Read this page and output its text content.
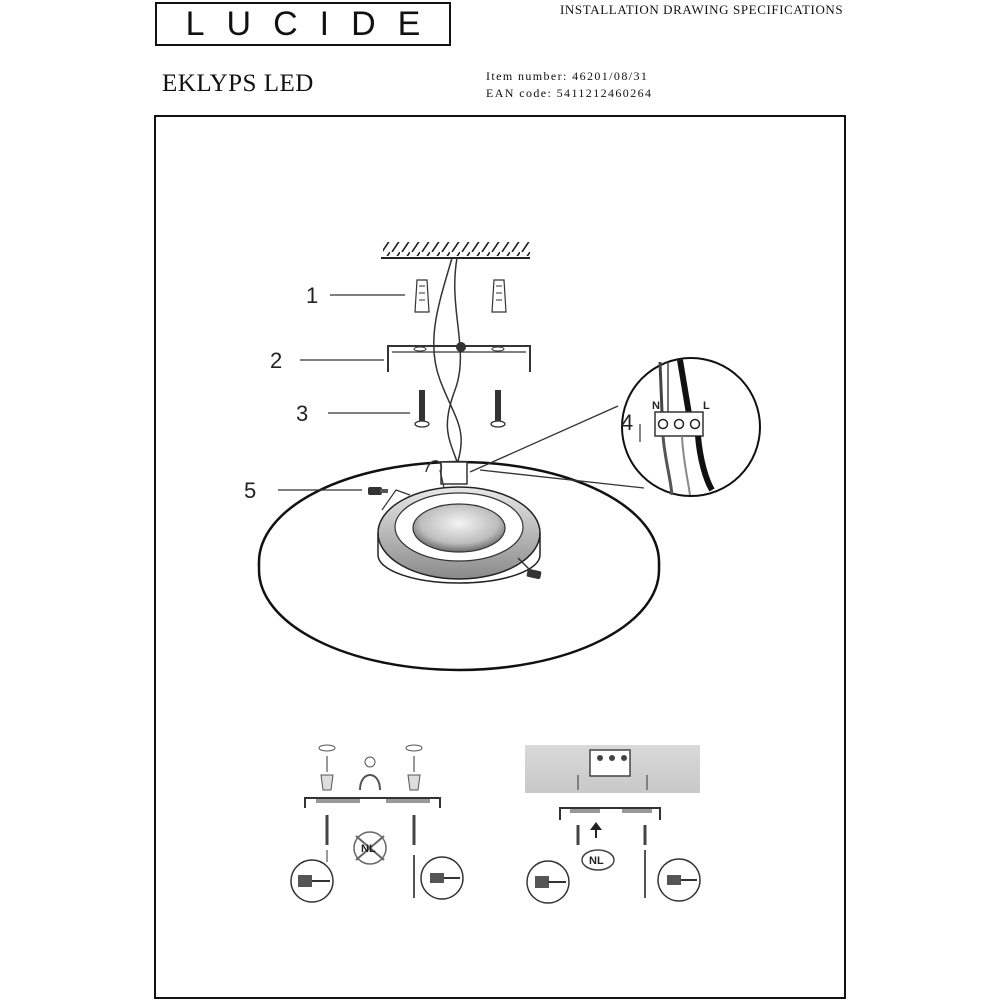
LUCIDE	INSTALLATION DRAWING SPECIFICATIONS
EKLYPS LED	Item number: 46201/08/31
EAN code: 5411212460264
1
2
3
5
N	L
4
NL
NL
